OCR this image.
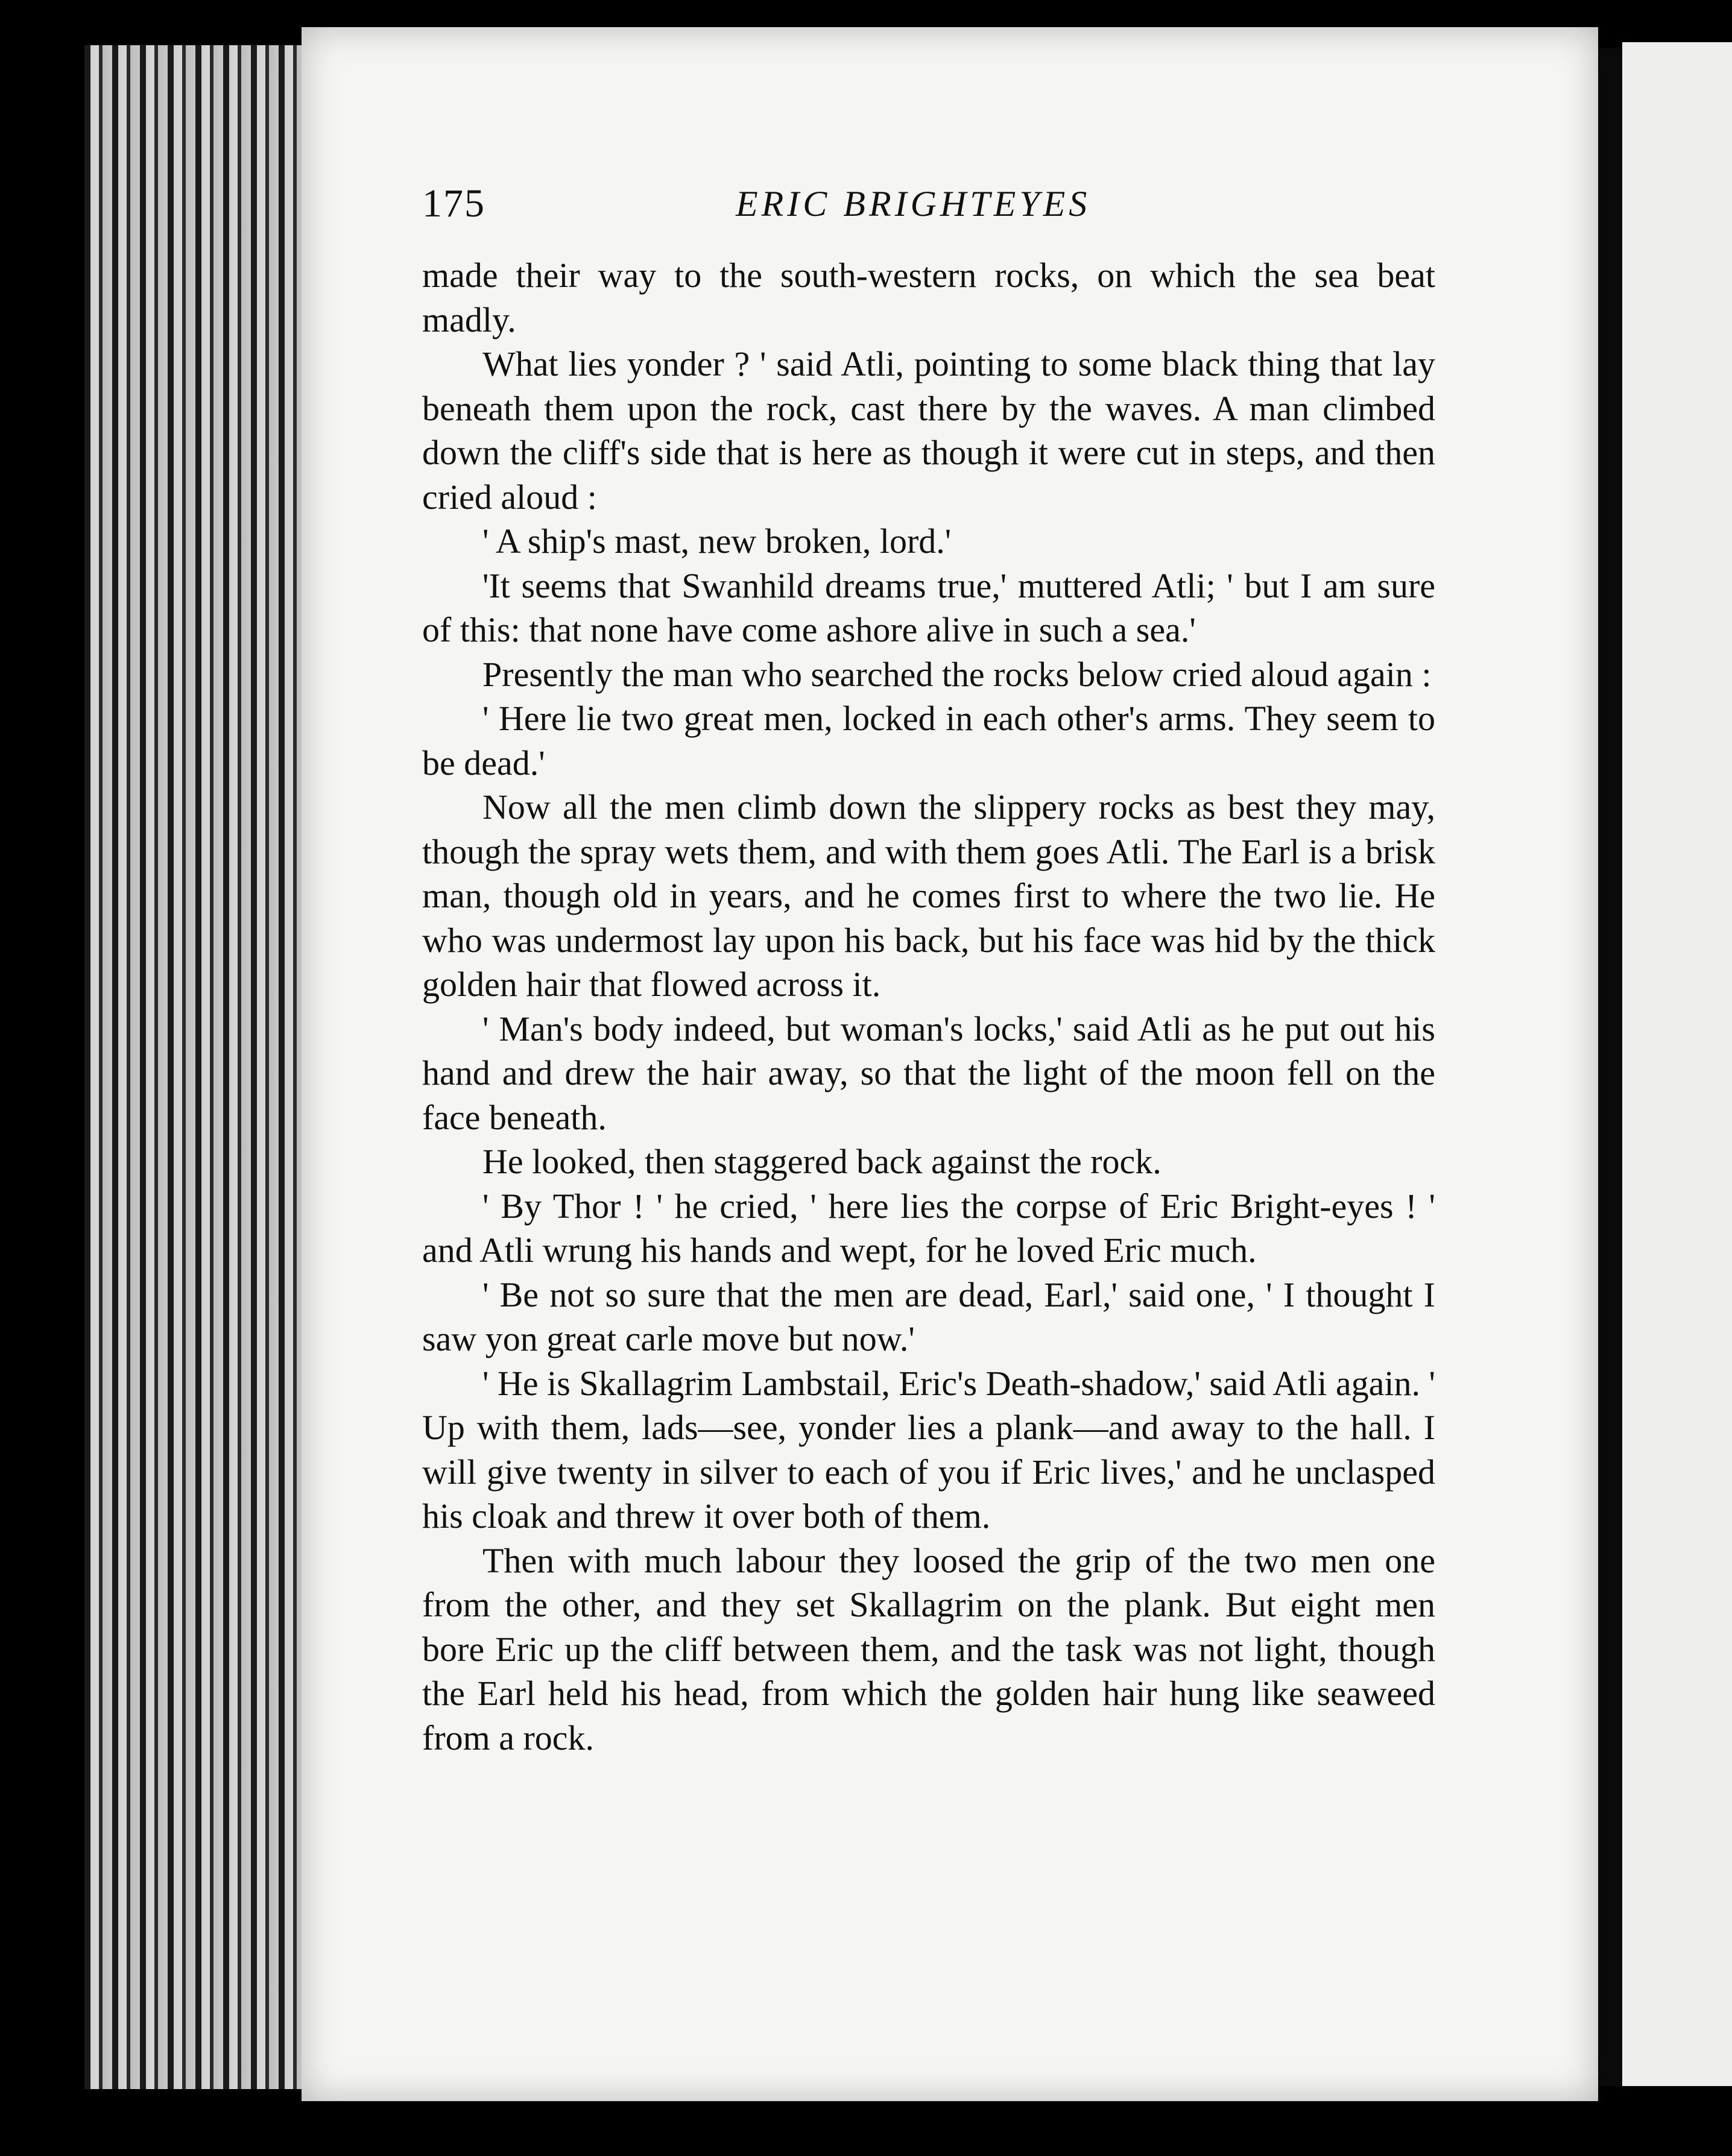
175	ERIC BRIGHTEYES

made their way to the south-western rocks, on which the sea beat madly.

What lies yonder ? ' said Atli, pointing to some black thing that lay beneath them upon the rock, cast there by the waves. A man climbed down the cliff's side that is here as though it were cut in steps, and then cried aloud :

' A ship's mast, new broken, lord.'

'It seems that Swanhild dreams true,' muttered Atli; ' but I am sure of this: that none have come ashore alive in such a sea.'

Presently the man who searched the rocks below cried aloud again :

' Here lie two great men, locked in each other's arms. They seem to be dead.'

Now all the men climb down the slippery rocks as best they may, though the spray wets them, and with them goes Atli. The Earl is a brisk man, though old in years, and he comes first to where the two lie. He who was undermost lay upon his back, but his face was hid by the thick golden hair that flowed across it.

' Man's body indeed, but woman's locks,' said Atli as he put out his hand and drew the hair away, so that the light of the moon fell on the face beneath.

He looked, then staggered back against the rock.

' By Thor ! ' he cried, ' here lies the corpse of Eric Bright-eyes ! ' and Atli wrung his hands and wept, for he loved Eric much.

' Be not so sure that the men are dead, Earl,' said one, ' I thought I saw yon great carle move but now.'

' He is Skallagrim Lambstail, Eric's Death-shadow,' said Atli again. ' Up with them, lads—see, yonder lies a plank—and away to the hall. I will give twenty in silver to each of you if Eric lives,' and he unclasped his cloak and threw it over both of them.

Then with much labour they loosed the grip of the two men one from the other, and they set Skallagrim on the plank. But eight men bore Eric up the cliff between them, and the task was not light, though the Earl held his head, from which the golden hair hung like seaweed from a rock.
